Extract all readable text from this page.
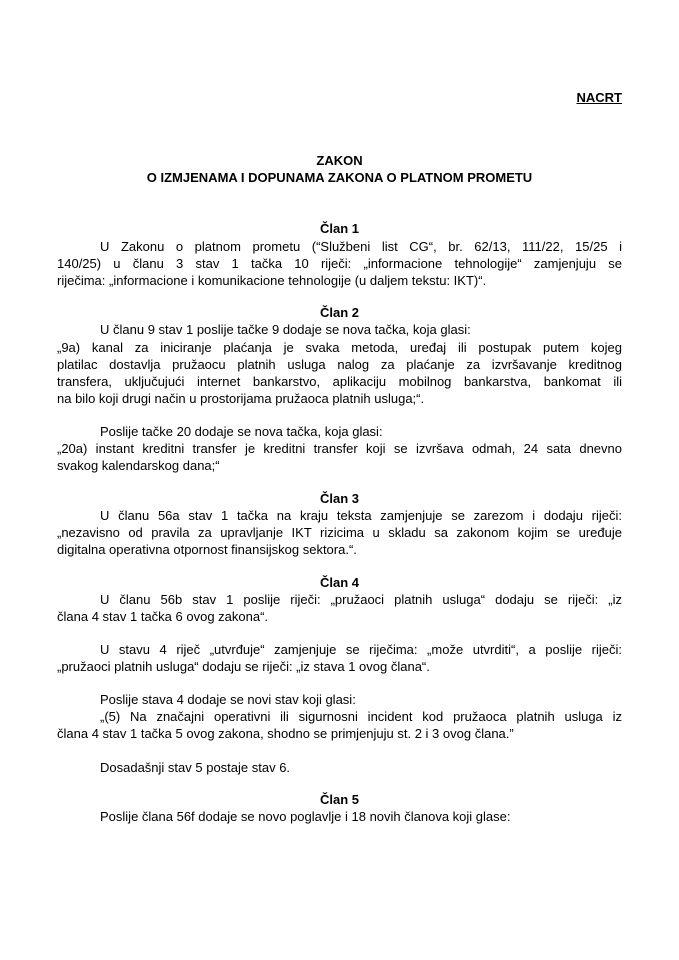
NACRT
ZAKON
O IZMJENAMA I DOPUNAMA ZAKONA O PLATNOM PROMETU
Član 1
U Zakonu o platnom prometu (“Službeni list CG“, br. 62/13, 111/22, 15/25 i
140/25) u članu 3 stav 1 tačka 10 riječi: „informacione tehnologije“ zamjenjuju se
riječima: „informacione i komunikacione tehnologije (u daljem tekstu: IKT)“.
Član 2
U članu 9 stav 1 poslije tačke 9 dodaje se nova tačka, koja glasi:
„9a) kanal za iniciranje plaćanja je svaka metoda, uređaj ili postupak putem kojeg
platilac dostavlja pružaocu platnih usluga nalog za plaćanje za izvršavanje kreditnog
transfera, uključujući internet bankarstvo, aplikaciju mobilnog bankarstva, bankomat ili
na bilo koji drugi način u prostorijama pružaoca platnih usluga;“.
Poslije tačke 20 dodaje se nova tačka, koja glasi:
„20a) instant kreditni transfer je kreditni transfer koji se izvršava odmah, 24 sata dnevno
svakog kalendarskog dana;“
Član 3
U članu 56a stav 1 tačka na kraju teksta zamjenjuje se zarezom i dodaju riječi:
„nezavisno od pravila za upravljanje IKT rizicima u skladu sa zakonom kojim se uređuje
digitalna operativna otpornost finansijskog sektora.“.
Član 4
U članu 56b stav 1 poslije riječi: „pružaoci platnih usluga“ dodaju se riječi: „iz
člana 4 stav 1 tačka 6 ovog zakona“.
U stavu 4 riječ „utvrđuje“ zamjenjuje se riječima: „može utvrditi“, a poslije riječi:
„pružaoci platnih usluga“ dodaju se riječi: „iz stava 1 ovog člana“.
Poslije stava 4 dodaje se novi stav koji glasi:
„(5) Na značajni operativni ili sigurnosni incident kod pružaoca platnih usluga iz
člana 4 stav 1 tačka 5 ovog zakona, shodno se primjenjuju st. 2 i 3 ovog člana.”
Dosadašnji stav 5 postaje stav 6.
Član 5
Poslije člana 56f dodaje se novo poglavlje i 18 novih članova koji glase:
